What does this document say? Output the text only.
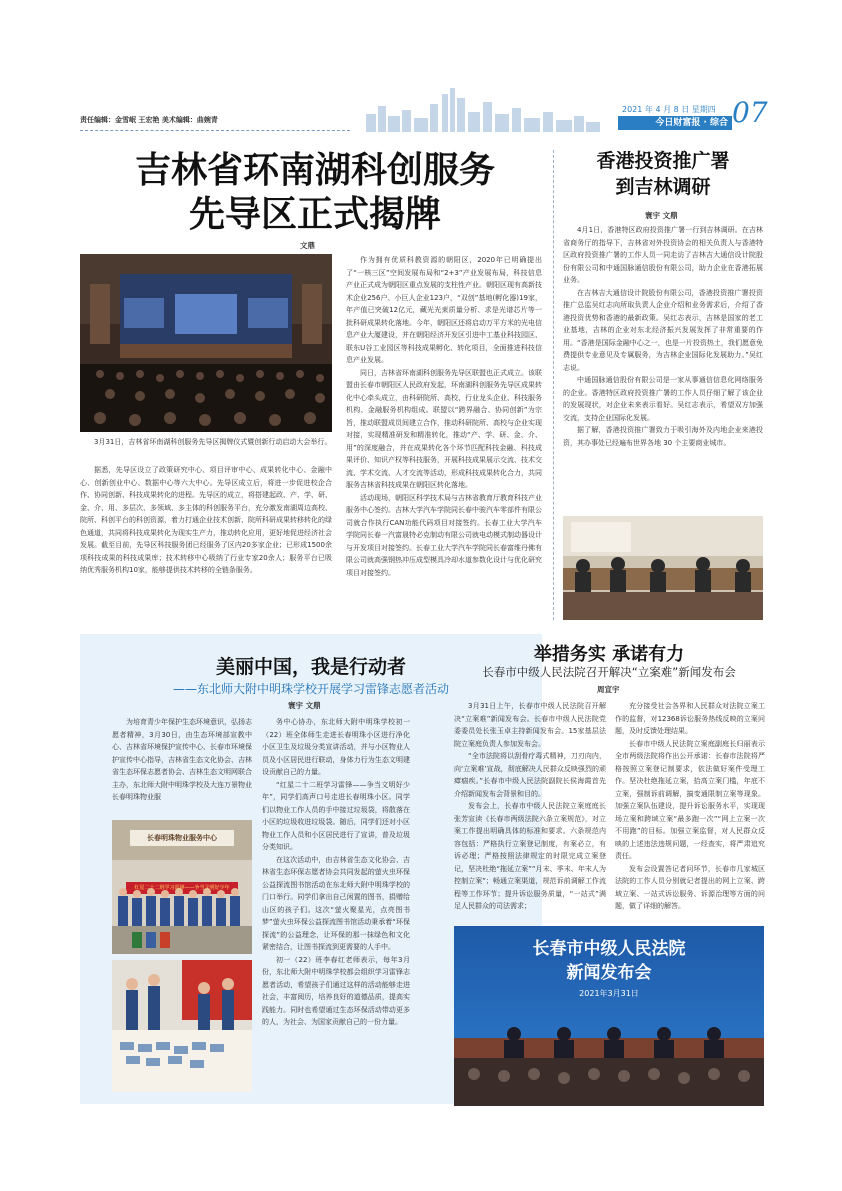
责任编辑：金雪岷 王宏艳 美术编辑：曲婉青
2021 年 4 月 8 日 星期四
今日财富报 · 综合 07
吉林省环南湖科创服务
先导区正式揭牌
文鼎
3月31日，吉林省环南湖科创服务先导区揭牌仪式暨创新行动启动大会举行。

据悉，先导区设立了政策研究中心、项目评审中心、成果转化中心、金融中心、创新创业中心、数据中心等六大中心。先导区成立后，将进一步促进校企合作、协同创新、科技成果转化的进程。先导区的成立，将搭建起政、产、学、研、金、介、用、多层次、多领域、多主体的科创服务平台，充分激发南湖周边高校、院所、科创平台的科创资源，着力打通企业技术创新、院所科研成果转移转化的绿色通道，共同将科技成果转化为现实生产力，推动转化应用，更好地促进经济社会发展。截至目前，先导区科技服务团已经服务了区内20多家企业；已形成1500余项科技成果的科技成果库；技术转移中心吸纳了行业专家20余人；服务平台已吸纳优秀服务机构10家，能够提供技术转移的全链条服务。

作为拥有优质科教资源的朝阳区，2020年已明确提出了“一核三区”空间发展布局和“2+3”产业发展布局，科技信息产业正式成为朝阳区重点发展的支柱性产业。朝阳区现有高新技术企业256户、小巨人企业123户，“双创”基地(孵化器)19家，年产值已突破12亿元，藏光光束质量分析、求是光谱芯片等一批科研成果转化落地。今年，朝阳区还将启动万平方米的光电信息产业大厦建设，并在朝阳经济开发区引进中工基业科技园区、联东U谷工业园区等科技成果孵化、转化项目，全面推进科技信息产业发展。

同日，吉林省环南湖科创服务先导区联盟也正式成立。该联盟由长春市朝阳区人民政府发起，环南湖科创服务先导区成果转化中心牵头成立，由科研院所、高校、行业龙头企业、科技服务机构、金融服务机构组成。联盟以“跨界融合、协同创新”为宗旨，推动联盟成员间建立合作，推动科研院所、高校与企业实现对接，实现精准研发和精准转化，推动“产、学、研、金、介、用”的深度融合，并在成果转化各个环节匹配科技金融、科技成果评价、知识产权等科技服务，开展科技成果展示交流、技术交流、学术交流、人才交流等活动，形成科技成果转化合力，共同服务吉林省科技成果在朝阳区转化落地。

活动现场，朝阳区科学技术局与吉林省教育厅教育科技产业服务中心签约。吉林大学汽车学院同长春中骏汽车零部件有限公司就合作执行CAN功能代码项目对接签约。长春工业大学汽车学院同长春一汽富晟特必克制动有限公司就电动模式制动器设计与开发项目对接签约。长春工业大学汽车学院同长春富维丹佛有限公司就高强钢热冲压成型模具冷却水道参数化设计与优化研究项目对接签约。

香港投资推广署
到吉林调研
寰宇 文鼎

4月1日，香港特区政府投资推广署一行到吉林调研。在吉林省商务厅的指导下，吉林省对外投资协会的相关负责人与香港特区政府投资推广署的工作人员一同走访了吉林吉大通信设计院股份有限公司和中通国脉通信股份有限公司，助力企业在香港拓展业务。

在吉林吉大通信设计院股份有限公司，香港投资推广署投资推广总监吴红志向所取负责人企业介绍和业务需求后，介绍了香港投资优势和香港的最新政策。吴红志表示，吉林是国家的老工业基地，吉林的企业对东北经济振兴发展发挥了非常重要的作用。“香港是国际金融中心之一，也是一片投资热土，我们愿意免费提供专业意见及专属服务，为吉林企业国际化发展助力。”吴红志说。

中通国脉通信股份有限公司是一家从事通信信息化网络服务的企业。香港特区政府投资推广署的工作人员仔细了解了该企业的发展现状，对企业未来表示看好。吴红志表示，希望双方加强交流，支持企业国际化发展。

据了解，香港投资推广署致力于吸引海外及内地企业来港投资，其办事处已经遍布世界各地 30 个主要商业城市。

美丽中国，我是行动者
——东北师大附中明珠学校开展学习雷锋志愿者活动
寰宇 文鼎

为培育青少年保护生态环境意识，弘扬志愿者精神，3月30日，由生态环境部宣教中心、吉林省环境保护宣传中心、长春市环境保护宣传中心指导，吉林省生态文化协会、吉林省生态环保志愿者协会、吉林生态文明网联合主办，东北师大附中明珠学校及大连万景物业长春明珠物业服

长春明珠物业服务中心
红星二十二班学习雷锋——争当文明好少年

务中心协办，东北师大附中明珠学校初一（22）班全体师生走进长春明珠小区进行净化小区卫生及垃圾分类宣讲活动，并与小区物业人员及小区居民进行联动，身体力行为生态文明建设贡献自己的力量。

“红星二十二班学习雷锋——争当文明好少年”，同学们高声口号走进长春明珠小区。同学们以物业工作人员的手中接过垃圾袋，将散落在小区的垃圾收进垃圾袋。随后，同学们还对小区物业工作人员和小区居民进行了宣讲，普及垃圾分类知识。

在这次活动中，由吉林省生态文化协会、吉林省生态环保志愿者协会共同发起的萤火虫环保公益探流图书馆活动在东北师大附中明珠学校的门口举行。同学们拿出自己闲置的图书，捐赠给山区的孩子们。这次“萤火聚星光，点亮图书梦”萤火虫环保公益探流图书馆活动秉承着“环保探流”的公益理念，让环保的那一抹绿色和文化紧密结合，让图书探流到更需要的人手中。

初一（22）班李春红老师表示，每年3月份，东北师大附中明珠学校都会组织学习雷锋志愿者活动，希望孩子们通过这样的活动能够走进社会，丰富阅历，培养良好的道德品质，提高实践能力。同时也希望通过生态环保活动带动更多的人，为社会、为国家贡献自己的一份力量。

举措务实 承诺有力
长春市中级人民法院召开解决“立案难”新闻发布会
周宣宇

3月31日上午，长春市中级人民法院召开解决“立案难”新闻发布会。长春市中级人民法院党委委员处长张玉卓主持新闻发布会。15家基层法院立案庭负责人参加发布会。

“全市法院将以刮骨疗毒式精神，刀刃向内，向‘立案难’宣战，彻底解决人民群众反映强烈的顽瘴痼疾。”长春市中级人民法院副院长侯海霞首先介绍新闻发布会背景和目的。

发布会上，长春市中级人民法院立案庭庭长张芳宣读《长春市两级法院六条立案规范》，对立案工作提出明确具体的标准和要求。六条规范内容包括：严格执行立案登记制度，有案必立，有诉必理；严格按照法律规定的时限完成立案登记，坚决杜绝“拖延立案”“月末、季末、年末人为控制立案”；畅通立案渠道，规范诉前调解工作流程等工作环节；提升诉讼服务质量，“一站式”满足人民群众的司法需求；

充分接受社会各界和人民群众对法院立案工作的监督，对12368诉讼服务热线反映的立案问题，及时反馈处理结果。

长春市中级人民法院立案庭副庭长归丽表示全市两级法院将作出公开承诺：长春市法院将严格按照立案登记制要求，依法做好案件受理工作。坚决杜绝拖延立案，拾高立案门槛，年底不立案，强制诉前调解，搞变通限制立案等现象。加强立案队伍建设，提升诉讼服务水平，实现现场立案和跨域立案“最多跑一次”“网上立案一次不用跑”的目标。加强立案监督，对人民群众反映的上述违法违规问题，一经查实，将严肃追究责任。

发布会设置答记者问环节，长春市几家城区法院的工作人员分别就记者提出的网上立案、跨域立案、一站式诉讼服务、诉源治理等方面的问题，做了详细的解答。

长春市中级人民法院
新闻发布会
2021年3月31日
